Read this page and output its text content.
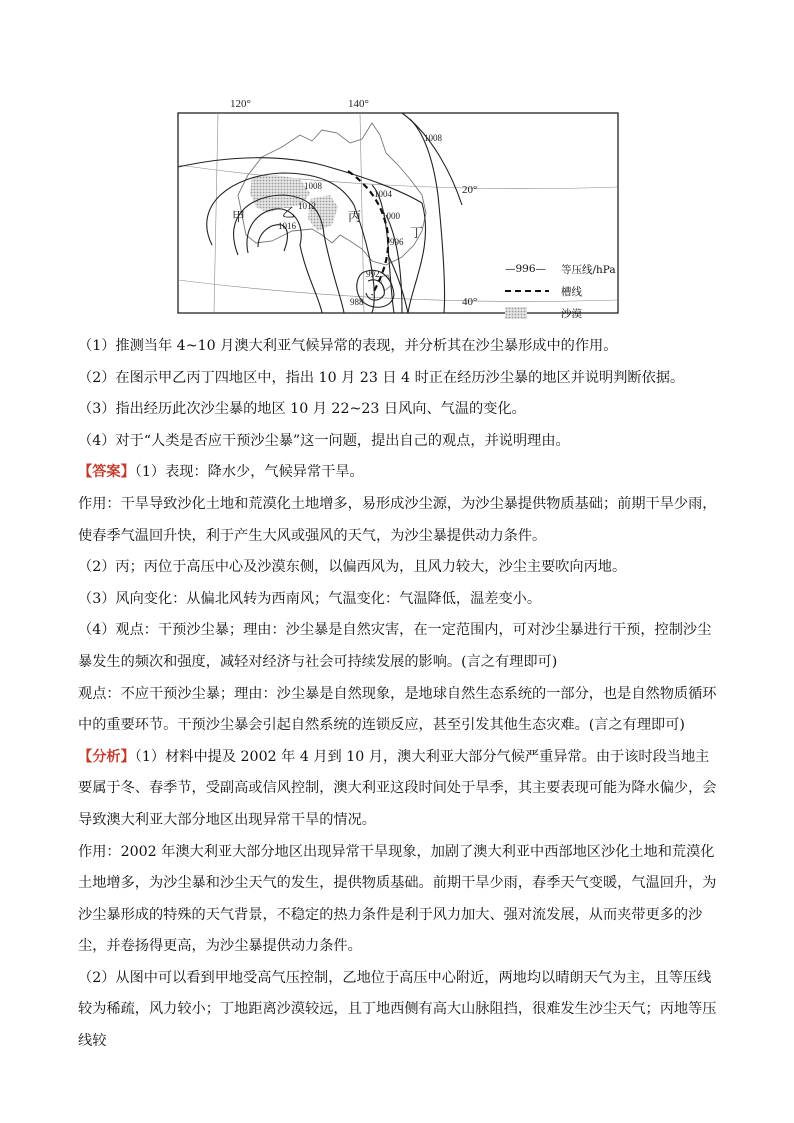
120°	140°
20°
40°
甲	乙	丙
丁
1008
1008
1012
1016
1004
1000
996
992
988
—996—	等压线/hPa
槽线
沙漠

（1）推测当年 4~10 月澳大利亚气候异常的表现，并分析其在沙尘暴形成中的作用。

（2）在图示甲乙丙丁四地区中，指出 10 月 23 日 4 时正在经历沙尘暴的地区并说明判断依据。

（3）指出经历此次沙尘暴的地区 10 月 22~23 日风向、气温的变化。

（4）对于“人类是否应干预沙尘暴”这一问题，提出自己的观点，并说明理由。

【答案】（1）表现：降水少，气候异常干旱。

作用：干旱导致沙化土地和荒漠化土地增多，易形成沙尘源，为沙尘暴提供物质基础；前期干旱少雨，使春季气温回升快，利于产生大风或强风的天气，为沙尘暴提供动力条件。

（2）丙；丙位于高压中心及沙漠东侧，以偏西风为，且风力较大，沙尘主要吹向丙地。

（3）风向变化：从偏北风转为西南风；气温变化：气温降低，温差变小。

（4）观点：干预沙尘暴；理由：沙尘暴是自然灾害，在一定范围内，可对沙尘暴进行干预，控制沙尘暴发生的频次和强度，减轻对经济与社会可持续发展的影响。(言之有理即可)

观点：不应干预沙尘暴；理由：沙尘暴是自然现象，是地球自然生态系统的一部分，也是自然物质循环中的重要环节。干预沙尘暴会引起自然系统的连锁反应，甚至引发其他生态灾难。(言之有理即可)

【分析】（1）材料中提及 2002 年 4 月到 10 月，澳大利亚大部分气候严重异常。由于该时段当地主要属于冬、春季节，受副高或信风控制，澳大利亚这段时间处于旱季，其主要表现可能为降水偏少，会导致澳大利亚大部分地区出现异常干旱的情况。

作用：2002 年澳大利亚大部分地区出现异常干旱现象，加剧了澳大利亚中西部地区沙化土地和荒漠化土地增多，为沙尘暴和沙尘天气的发生，提供物质基础。前期干旱少雨，春季天气变暖，气温回升，为沙尘暴形成的特殊的天气背景，不稳定的热力条件是利于风力加大、强对流发展，从而夹带更多的沙尘，并卷扬得更高，为沙尘暴提供动力条件。

（2）从图中可以看到甲地受高气压控制，乙地位于高压中心附近，两地均以晴朗天气为主，且等压线较为稀疏，风力较小；丁地距离沙漠较远，且丁地西侧有高大山脉阻挡，很难发生沙尘天气；丙地等压线较
